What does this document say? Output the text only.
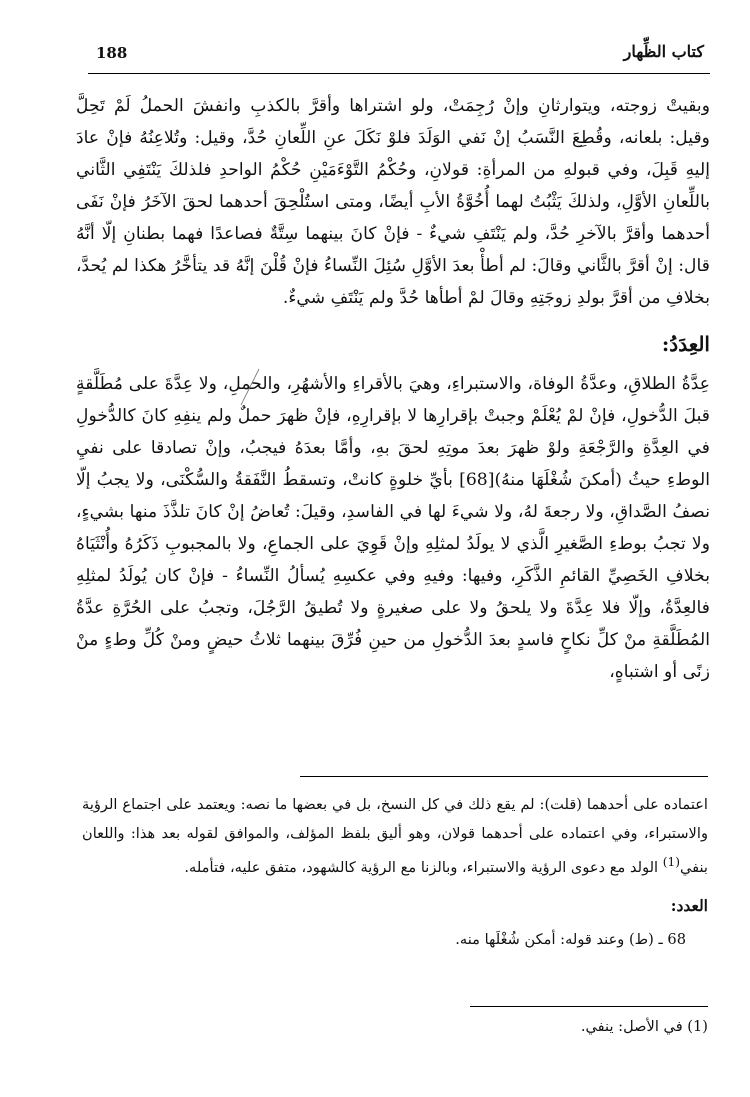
188	كتاب الظِّهار

وبقيتْ زوجته، ويتوارثانِ وإنْ رُجِمَتْ، ولو اشتراها وأقرَّ بالكذبِ وانفشَ الحملُ لَمْ تَحِلَّ وقيل: بلعانه، وقُطِعَ النَّسَبُ إنْ نَفي الوَلَدَ فلوْ نَكَلَ عنِ اللِّعانِ حُدَّ، وقيل: وتُلاعِنُهُ فإنْ عادَ إليهِ قَبِلَ، وفي قبولهِ من المرأةِ: قولانِ، وحُكْمُ التَّوْءَمَيْنِ حُكْمُ الواحدِ فلذلكَ يَنْتَفِي الثَّاني باللِّعانِ الأوَّلِ، ولذلكَ يَثْبُتُ لهما أُخُوَّةُ الأبِ أيضًا، ومتى استُلْحِقَ أحدهما لحقَ الآخَرُ فإنْ نَفَى أحدهما وأقرَّ بالآخرِ حُدَّ، ولم يَنْتَفِ شيءٌ - فإنْ كانَ بينهما سِتَّةٌ فصاعدًا فهما بطنانِ إلّا أنَّهُ قال: إنْ أقرَّ بالثَّاني وقالَ: لم أطأْ بعدَ الأوَّلِ سُئِلَ النِّساءُ فإنْ قُلْنَ إنَّهُ قد يتأخَّرُ هكذا لم يُحدَّ، بخلافِ من أقرَّ بولدِ زوجَتِهِ وقالَ لمْ أطأها حُدَّ ولم يَنْتَفِ شيءٌ.

العِدَدُ:

عِدَّةُ الطلاقِ، وعدَّةُ الوفاة، والاستبراءِ، وهيَ بالأقراءِ والأشهُرِ، والحملِ، ولا عِدَّةَ على مُطَلَّقةٍ قبلَ الدُّخولِ، فإنْ لمْ يُعْلَمْ وجبتْ بإقرارِها لا بإقرارِهِ، فإنْ ظهرَ حملٌ ولم ينفِهِ كانَ كالدُّخولِ في العِدَّةِ والرَّجْعَةِ ولوْ ظهرَ بعدَ موتِهِ لحقَ بهِ، وأمَّا بعدَهُ فيجبُ، وإنْ تصادقا على نفيِ الوطءِ حيثُ (أمكنَ شُغْلَهَا منهُ)[68] بأيِّ خلوةٍ كانتْ، وتسقطُ النَّفَقةُ والسُّكْنَى، ولا يجبُ إلّا نصفُ الصَّداقِ، ولا رجعةَ لهُ، ولا شيءَ لها في الفاسدِ، وقيلَ: تُعاضُ إنْ كانَ تلذَّذَ منها بشيءٍ، ولا تجبُ بوطءِ الصَّغيرِ الَّذي لا يولَدُ لمثلِهِ وإنْ قَوِيَ على الجماعِ، ولا بالمجبوبِ ذَكَرُهُ وأُنْثَيَاهُ بخلافِ الخَصِيِّ القائمِ الذَّكَرِ، وفيها: وفيهِ وفي عكسِهِ يُسألُ النِّساءُ - فإنْ كان يُولَدُ لمثلِهِ فالعِدَّةُ، وإلّا فلا عِدَّةَ ولا يلحقُ ولا على صغيرةٍ ولا تُطيقُ الرَّجُلَ، وتجبُ على الحُرَّةِ عدَّةُ المُطَلَّقةِ منْ كلِّ نكاحٍ فاسدٍ بعدَ الدُّخولِ من حينِ فُرِّقَ بينهما ثلاثُ حيضٍ ومنْ كُلِّ وطءٍ منْ زنًى أو اشتباهٍ،

اعتماده على أحدهما (قلت): لم يقع ذلك في كل النسخ، بل في بعضها ما نصه: ويعتمد على اجتماع الرؤية والاستبراء، وفي اعتماده على أحدهما قولان، وهو أليق بلفظ المؤلف، والموافق لقوله بعد هذا: واللعان بنفي$^{(1)}$ الولد مع دعوى الرؤية والاستبراء، وبالزنا مع الرؤية كالشهود، متفق عليه، فتأمله.

العدد:

68 ـ (ط) وعند قوله: أمكن شُغْلَها منه.

(1) في الأصل: ينفي.
